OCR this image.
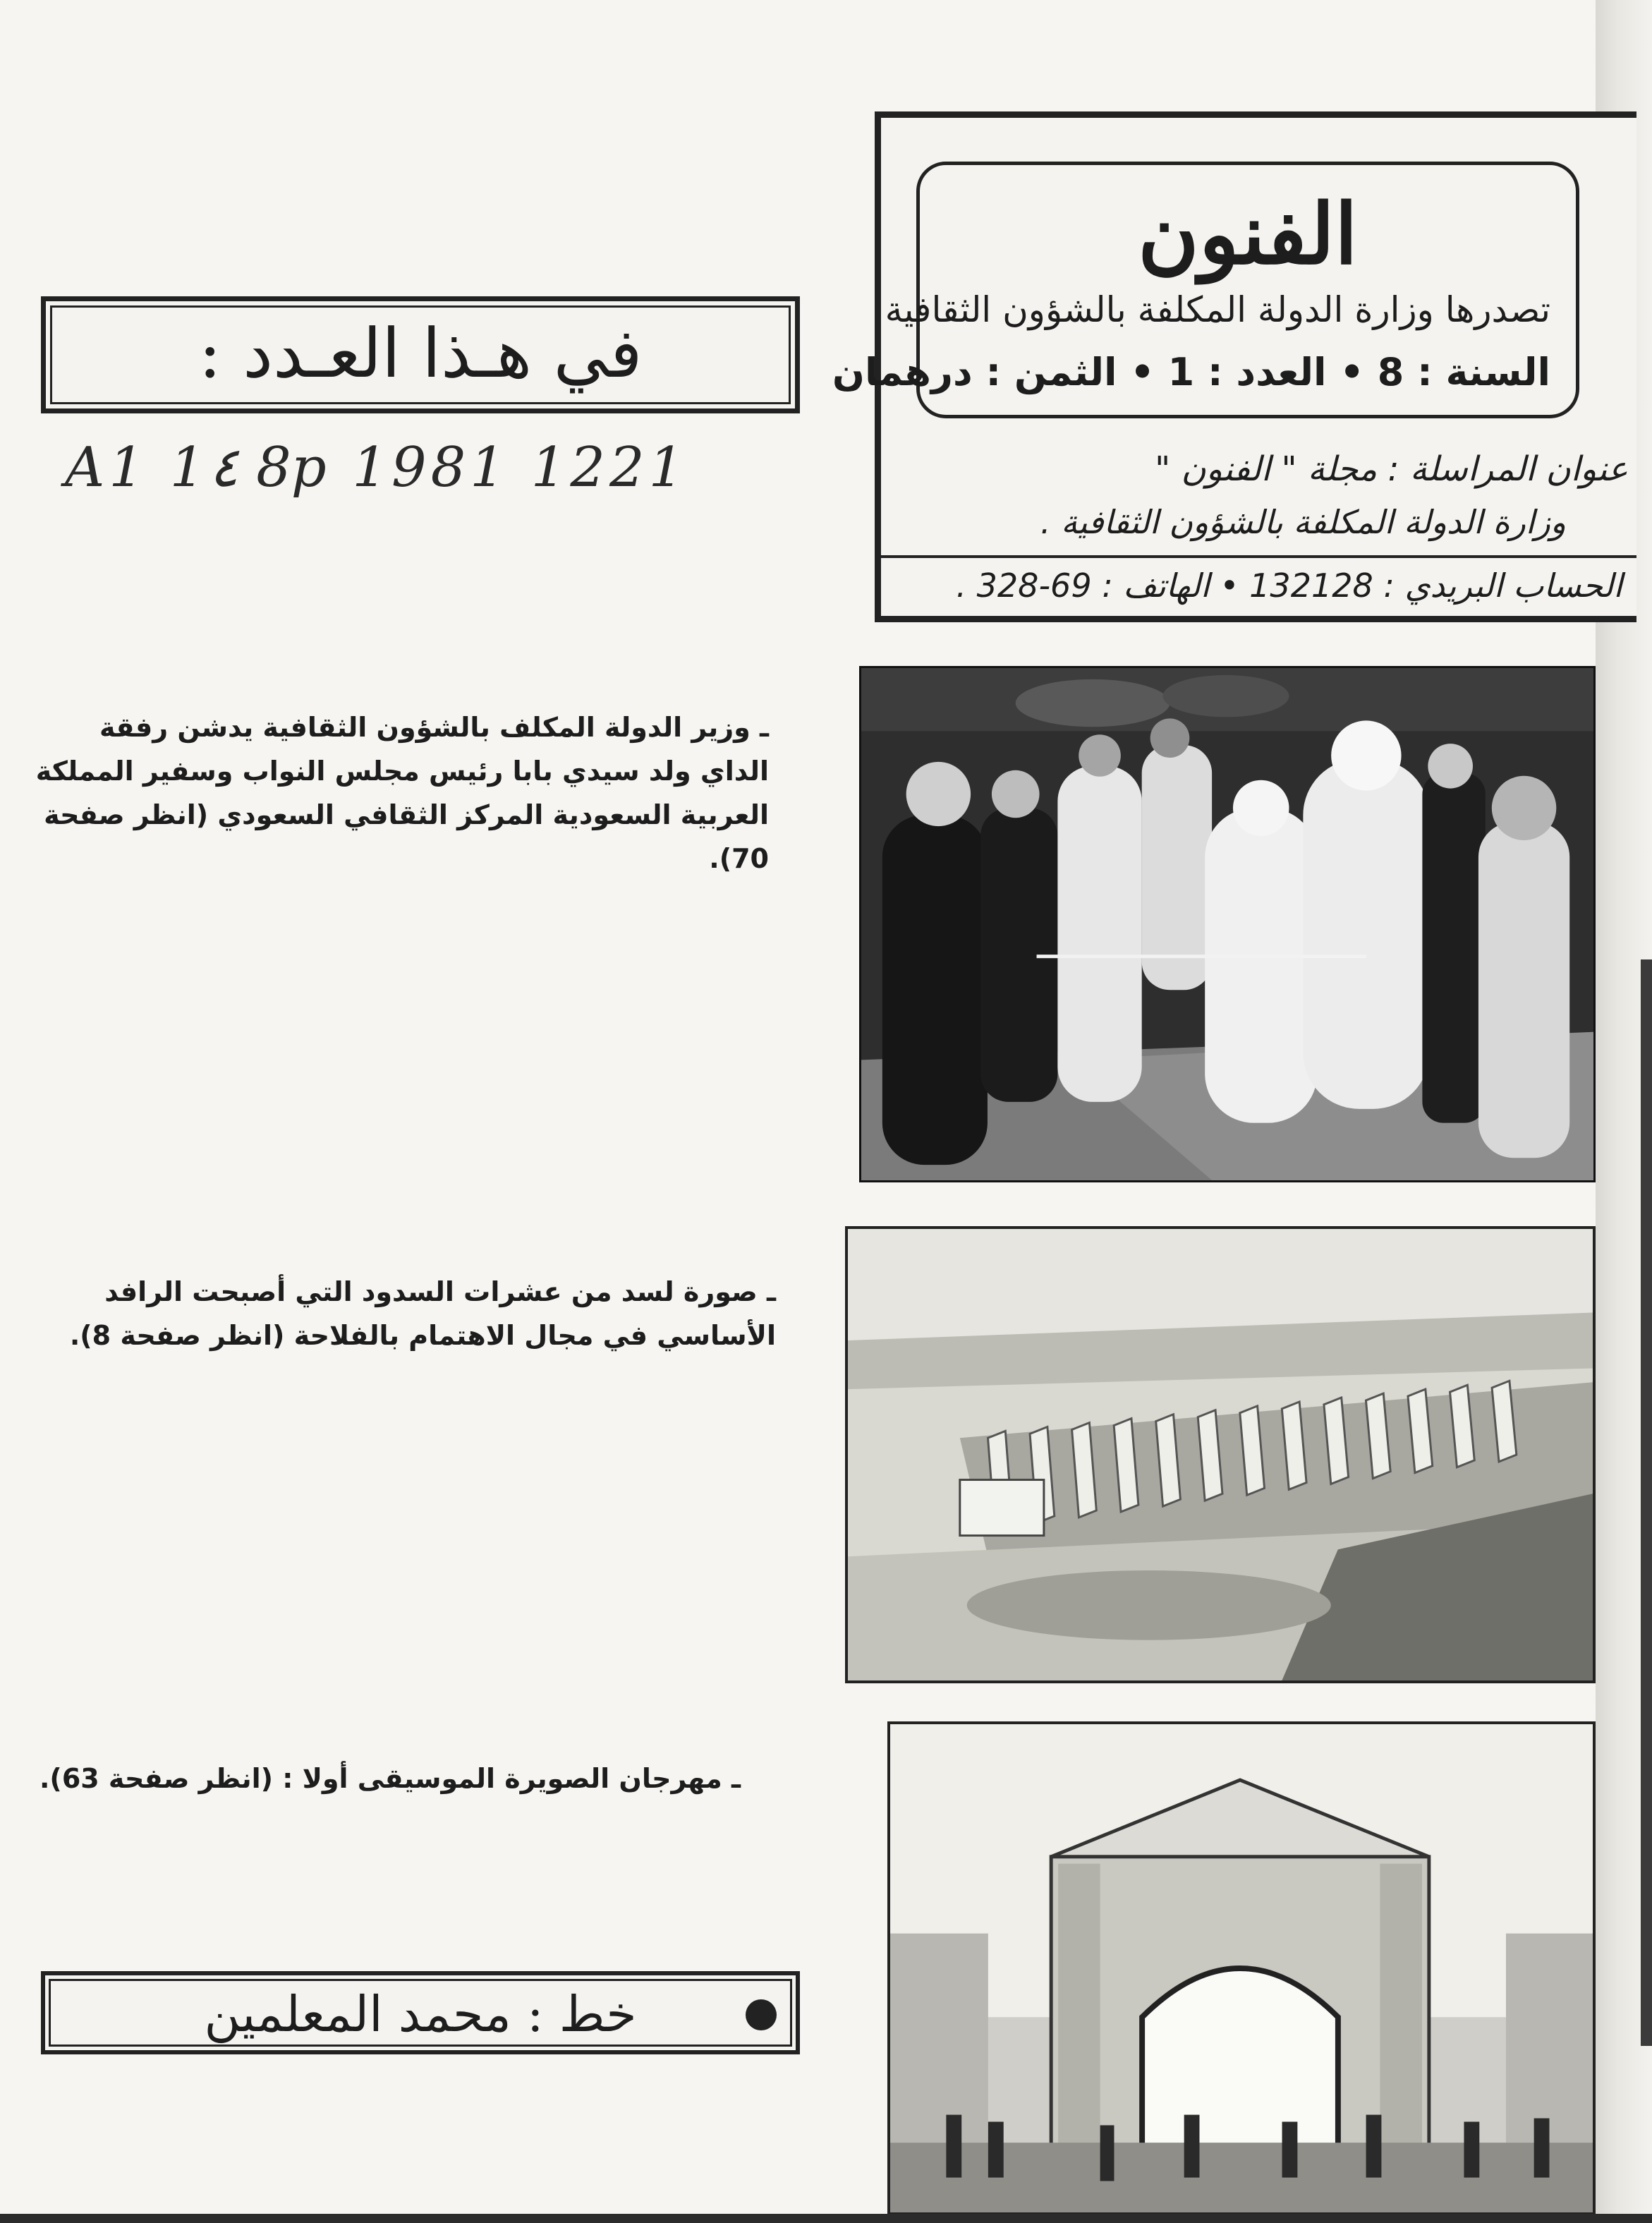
الفنون
تصدرها وزارة الدولة المكلفة بالشؤون الثقافية
السنة : 8 • العدد : 1 • الثمن : درهمان
عنوان المراسلة : مجلة " الفنون "
وزارة الدولة المكلفة بالشؤون الثقافية .
الحساب البريدي : 132128 • الهاتف : 69-328 .
في هـذا العـدد :
A1 1٤ 8p 1981 1221
ـ وزير الدولة المكلف بالشؤون الثقافية يدشن رفقة الداي ولد سيدي بابا رئيس مجلس النواب وسفير المملكة العربية السعودية المركز الثقافي السعودي (انظر صفحة 70).
ـ صورة لسد من عشرات السدود التي أصبحت الرافد الأساسي في مجال الاهتمام بالفلاحة (انظر صفحة 8).
ـ مهرجان الصويرة الموسيقى أولا : (انظر صفحة 63).
خط : محمد المعلمين
